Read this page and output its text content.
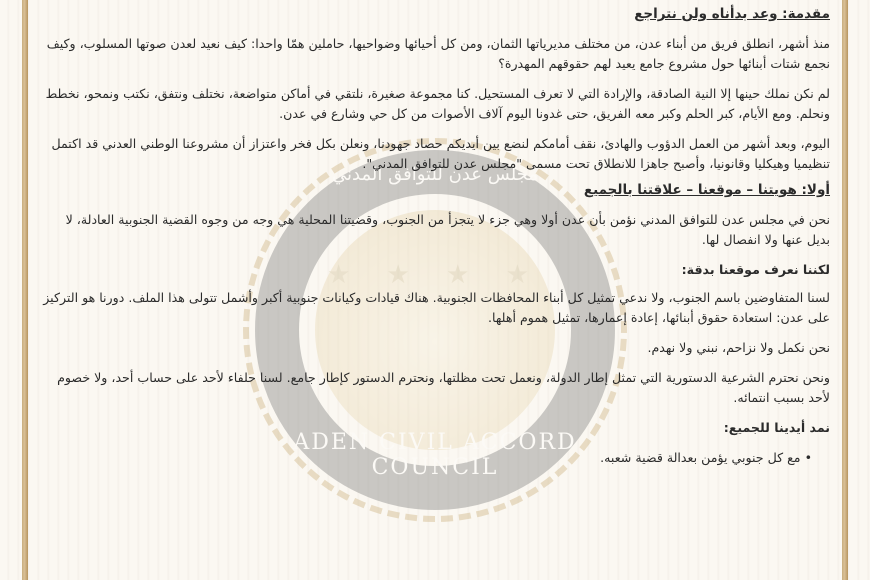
مجلس عدن للتوافق المدني
★ ★ ★ ★
ADEN CIVIL ACCORD COUNCIL

مقدمة: وعد بدأناه ولن نتراجع

منذ أشهر، انطلق فريق من أبناء عدن، من مختلف مديرياتها الثمان، ومن كل أحيائها وضواحيها، حاملين همّا واحدا: كيف نعيد لعدن صوتها المسلوب، وكيف نجمع شتات أبنائها حول مشروع جامع يعيد لهم حقوقهم المهدرة؟

لم نكن نملك حينها إلا النية الصادقة، والإرادة التي لا تعرف المستحيل. كنا مجموعة صغيرة، نلتقي في أماكن متواضعة، نختلف ونتفق، نكتب ونمحو، نخطط ونحلم. ومع الأيام، كبر الحلم وكبر معه الفريق، حتى غدونا اليوم آلاف الأصوات من كل حي وشارع في عدن.

اليوم، وبعد أشهر من العمل الدؤوب والهادئ، نقف أمامكم لنضع بين أيديكم حصاد جهودنا، ونعلن بكل فخر واعتزاز أن مشروعنا الوطني العدني قد اكتمل تنظيميا وهيكليا وقانونيا، وأصبح جاهزا للانطلاق تحت مسمى "مجلس عدن للتوافق المدني".

أولا: هويتنا – موقعنا – علاقتنا بالجميع

نحن في مجلس عدن للتوافق المدني نؤمن بأن عدن أولا وهي جزء لا يتجزأ من الجنوب، وقضيتنا المحلية هي وجه من وجوه القضية الجنوبية العادلة، لا بديل عنها ولا انفصال لها.

لكننا نعرف موقعنا بدقة:

لسنا المتفاوضين باسم الجنوب، ولا ندعي تمثيل كل أبناء المحافظات الجنوبية. هناك قيادات وكيانات جنوبية أكبر وأشمل تتولى هذا الملف. دورنا هو التركيز على عدن: استعادة حقوق أبنائها، إعادة إعمارها، تمثيل هموم أهلها.

نحن نكمل ولا نزاحم، نبني ولا نهدم.

ونحن نحترم الشرعية الدستورية التي تمثل إطار الدولة، ونعمل تحت مظلتها، ونحترم الدستور كإطار جامع. لسنا حلفاء لأحد على حساب أحد، ولا خصوم لأحد بسبب انتمائه.

نمد أيدينا للجميع:

• مع كل جنوبي يؤمن بعدالة قضية شعبه.
